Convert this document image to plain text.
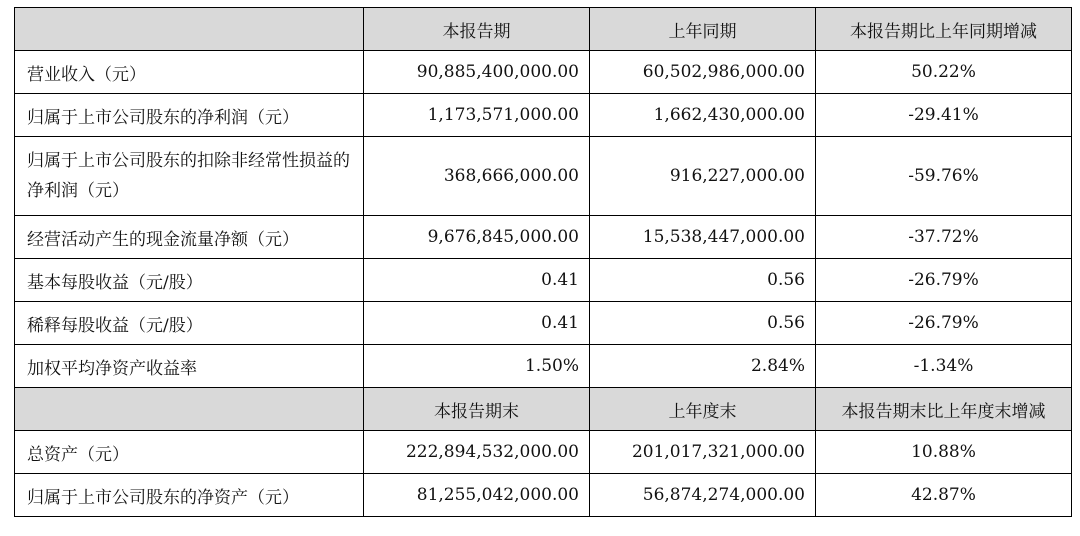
	本报告期	上年同期	本报告期比上年同期增减
营业收入（元）	90,885,400,000.00	60,502,986,000.00	50.22%
归属于上市公司股东的净利润（元）	1,173,571,000.00	1,662,430,000.00	-29.41%
归属于上市公司股东的扣除非经常性损益的净利润（元）	368,666,000.00	916,227,000.00	-59.76%
经营活动产生的现金流量净额（元）	9,676,845,000.00	15,538,447,000.00	-37.72%
基本每股收益（元/股）	0.41	0.56	-26.79%
稀释每股收益（元/股）	0.41	0.56	-26.79%
加权平均净资产收益率	1.50%	2.84%	-1.34%
	本报告期末	上年度末	本报告期末比上年度末增减
总资产（元）	222,894,532,000.00	201,017,321,000.00	10.88%
归属于上市公司股东的净资产（元）	81,255,042,000.00	56,874,274,000.00	42.87%
